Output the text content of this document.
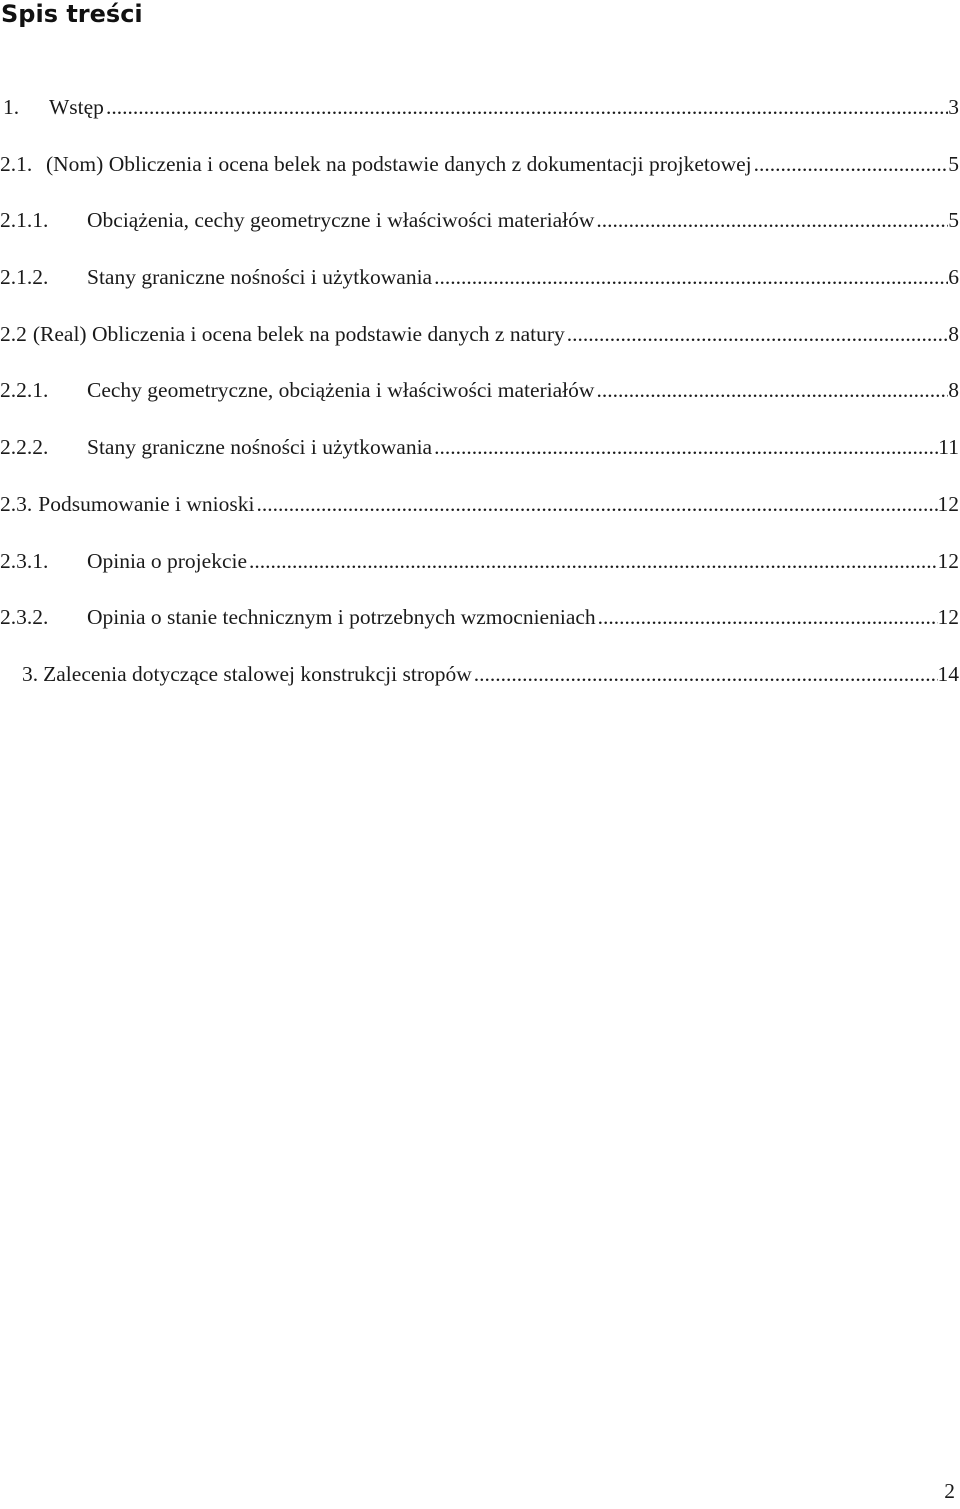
Spis treści
1.	Wstęp .....	3
2.1. (Nom) Obliczenia i ocena belek na podstawie danych z dokumentacji projketowej .....	5
2.1.1.	Obciążenia, cechy geometryczne i właściwości materiałów .....	5
2.1.2.	Stany graniczne nośności i użytkowania .....	6
2.2 (Real) Obliczenia i ocena belek na podstawie danych z natury .....	8
2.2.1.	Cechy geometryczne, obciążenia i właściwości materiałów .....	8
2.2.2.	Stany graniczne nośności i użytkowania .....	11
2.3. Podsumowanie i wnioski .....	12
2.3.1.	Opinia o projekcie .....	12
2.3.2.	Opinia o stanie technicznym i potrzebnych wzmocnieniach .....	12
3. Zalecenia dotyczące stalowej konstrukcji stropów .....	14
2
